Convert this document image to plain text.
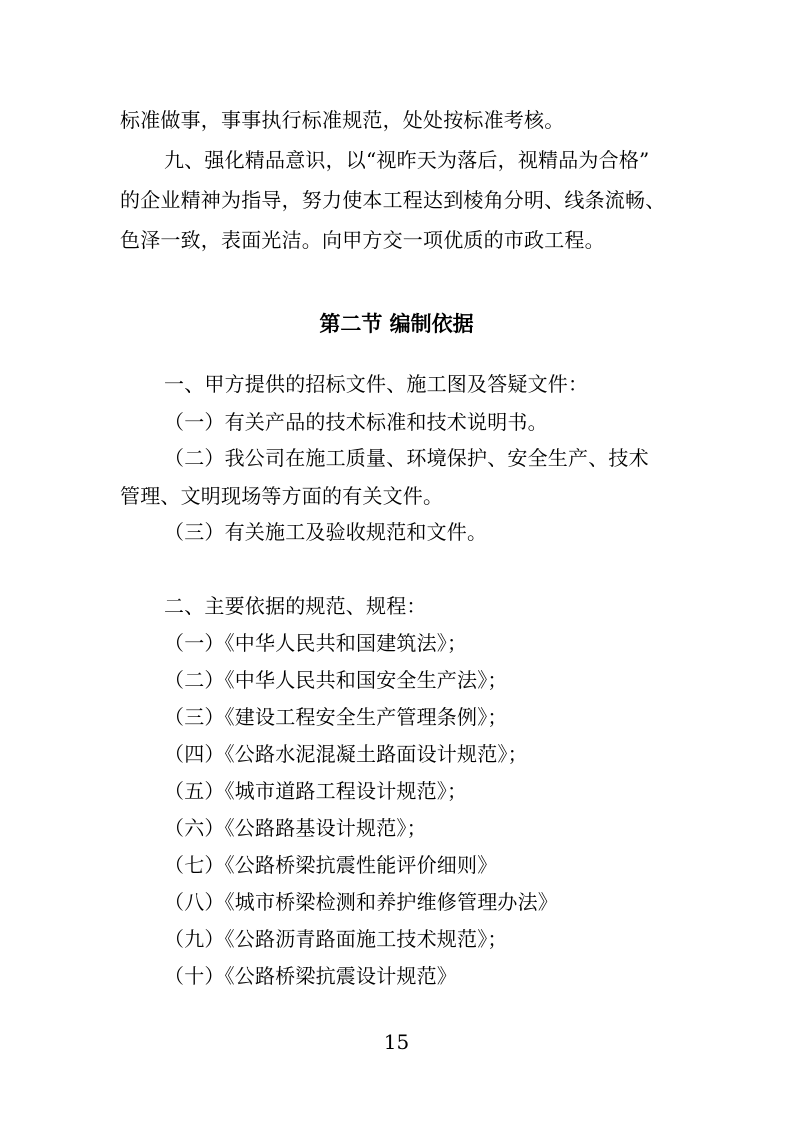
标准做事，事事执行标准规范，处处按标准考核。
九、强化精品意识，以“视昨天为落后，视精品为合格”
的企业精神为指导，努力使本工程达到棱角分明、线条流畅、
色泽一致，表面光洁。向甲方交一项优质的市政工程。
第二节 编制依据
一、甲方提供的招标文件、施工图及答疑文件：
（一）有关产品的技术标准和技术说明书。
（二）我公司在施工质量、环境保护、安全生产、技术
管理、文明现场等方面的有关文件。
（三）有关施工及验收规范和文件。
二、主要依据的规范、规程：
（一）《中华人民共和国建筑法》；
（二）《中华人民共和国安全生产法》；
（三）《建设工程安全生产管理条例》；
（四）《公路水泥混凝土路面设计规范》；
（五）《城市道路工程设计规范》；
（六）《公路路基设计规范》；
（七）《公路桥梁抗震性能评价细则》
（八）《城市桥梁检测和养护维修管理办法》
（九）《公路沥青路面施工技术规范》；
（十）《公路桥梁抗震设计规范》
15
